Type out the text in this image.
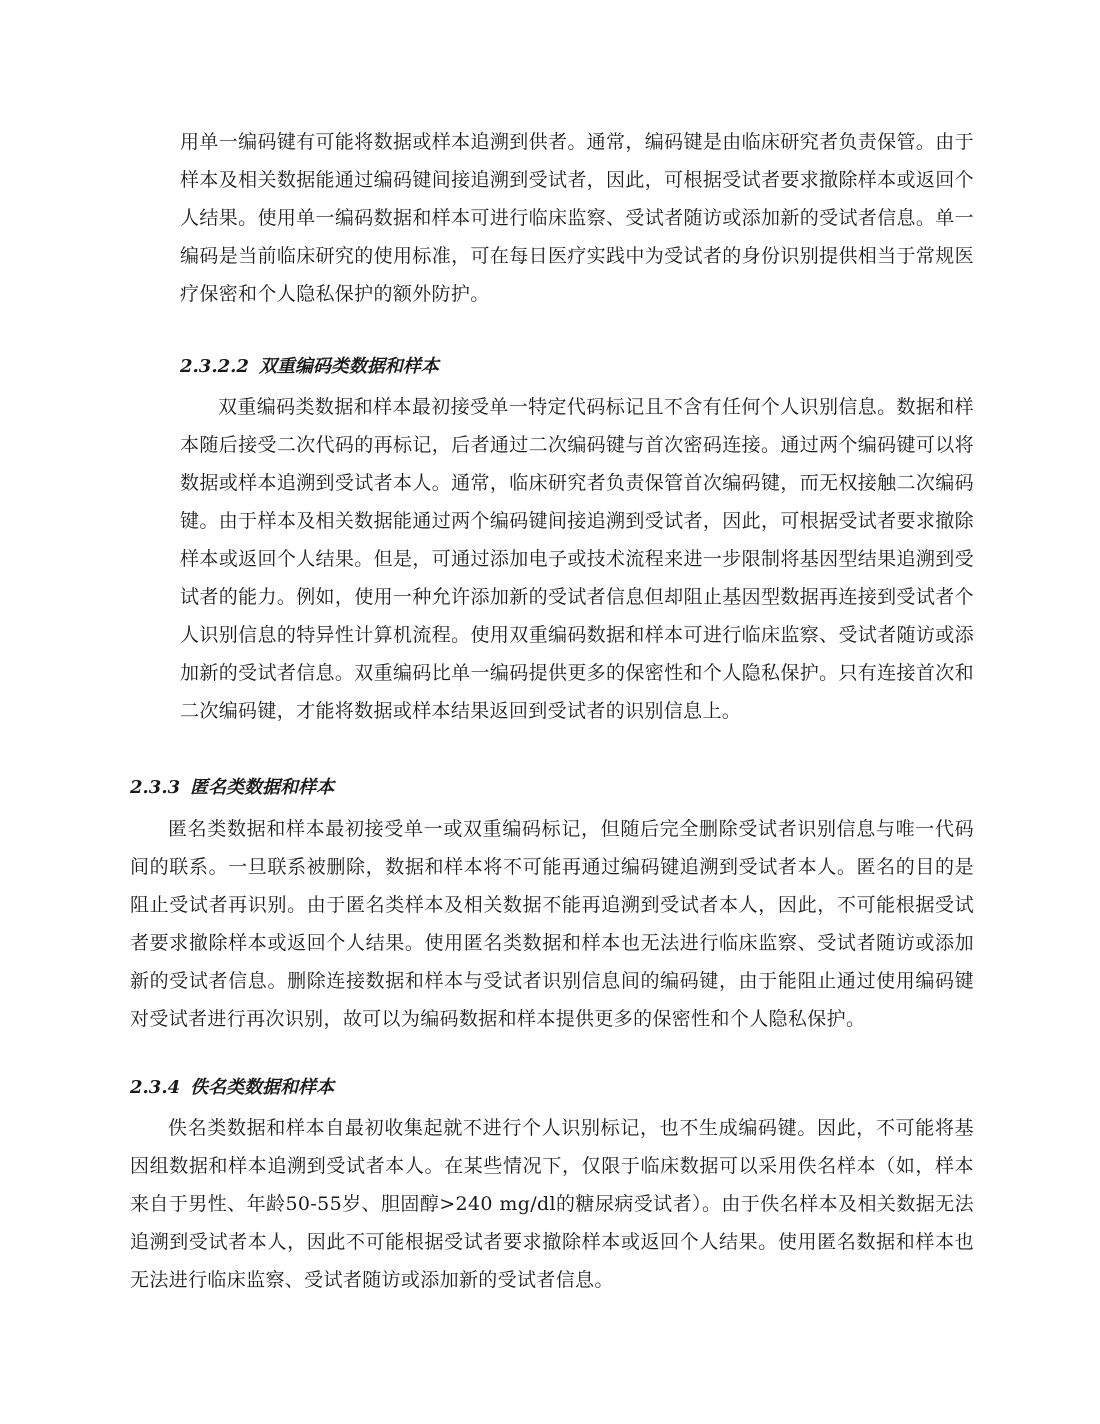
用单一编码键有可能将数据或样本追溯到供者。通常，编码键是由临床研究者负责保管。由于样本及相关数据能通过编码键间接追溯到受试者，因此，可根据受试者要求撤除样本或返回个人结果。使用单一编码数据和样本可进行临床监察、受试者随访或添加新的受试者信息。单一编码是当前临床研究的使用标准，可在每日医疗实践中为受试者的身份识别提供相当于常规医疗保密和个人隐私保护的额外防护。

2.3.2.2 双重编码类数据和样本

双重编码类数据和样本最初接受单一特定代码标记且不含有任何个人识别信息。数据和样本随后接受二次代码的再标记，后者通过二次编码键与首次密码连接。通过两个编码键可以将数据或样本追溯到受试者本人。通常，临床研究者负责保管首次编码键，而无权接触二次编码键。由于样本及相关数据能通过两个编码键间接追溯到受试者，因此，可根据受试者要求撤除样本或返回个人结果。但是，可通过添加电子或技术流程来进一步限制将基因型结果追溯到受试者的能力。例如，使用一种允许添加新的受试者信息但却阻止基因型数据再连接到受试者个人识别信息的特异性计算机流程。使用双重编码数据和样本可进行临床监察、受试者随访或添加新的受试者信息。双重编码比单一编码提供更多的保密性和个人隐私保护。只有连接首次和二次编码键，才能将数据或样本结果返回到受试者的识别信息上。

2.3.3 匿名类数据和样本

匿名类数据和样本最初接受单一或双重编码标记，但随后完全删除受试者识别信息与唯一代码间的联系。一旦联系被删除，数据和样本将不可能再通过编码键追溯到受试者本人。匿名的目的是阻止受试者再识别。由于匿名类样本及相关数据不能再追溯到受试者本人，因此，不可能根据受试者要求撤除样本或返回个人结果。使用匿名类数据和样本也无法进行临床监察、受试者随访或添加新的受试者信息。删除连接数据和样本与受试者识别信息间的编码键，由于能阻止通过使用编码键对受试者进行再次识别，故可以为编码数据和样本提供更多的保密性和个人隐私保护。

2.3.4 佚名类数据和样本

佚名类数据和样本自最初收集起就不进行个人识别标记，也不生成编码键。因此，不可能将基因组数据和样本追溯到受试者本人。在某些情况下，仅限于临床数据可以采用佚名样本（如，样本来自于男性、年龄50-55岁、胆固醇>240 mg/dl的糖尿病受试者）。由于佚名样本及相关数据无法追溯到受试者本人，因此不可能根据受试者要求撤除样本或返回个人结果。使用匿名数据和样本也无法进行临床监察、受试者随访或添加新的受试者信息。
